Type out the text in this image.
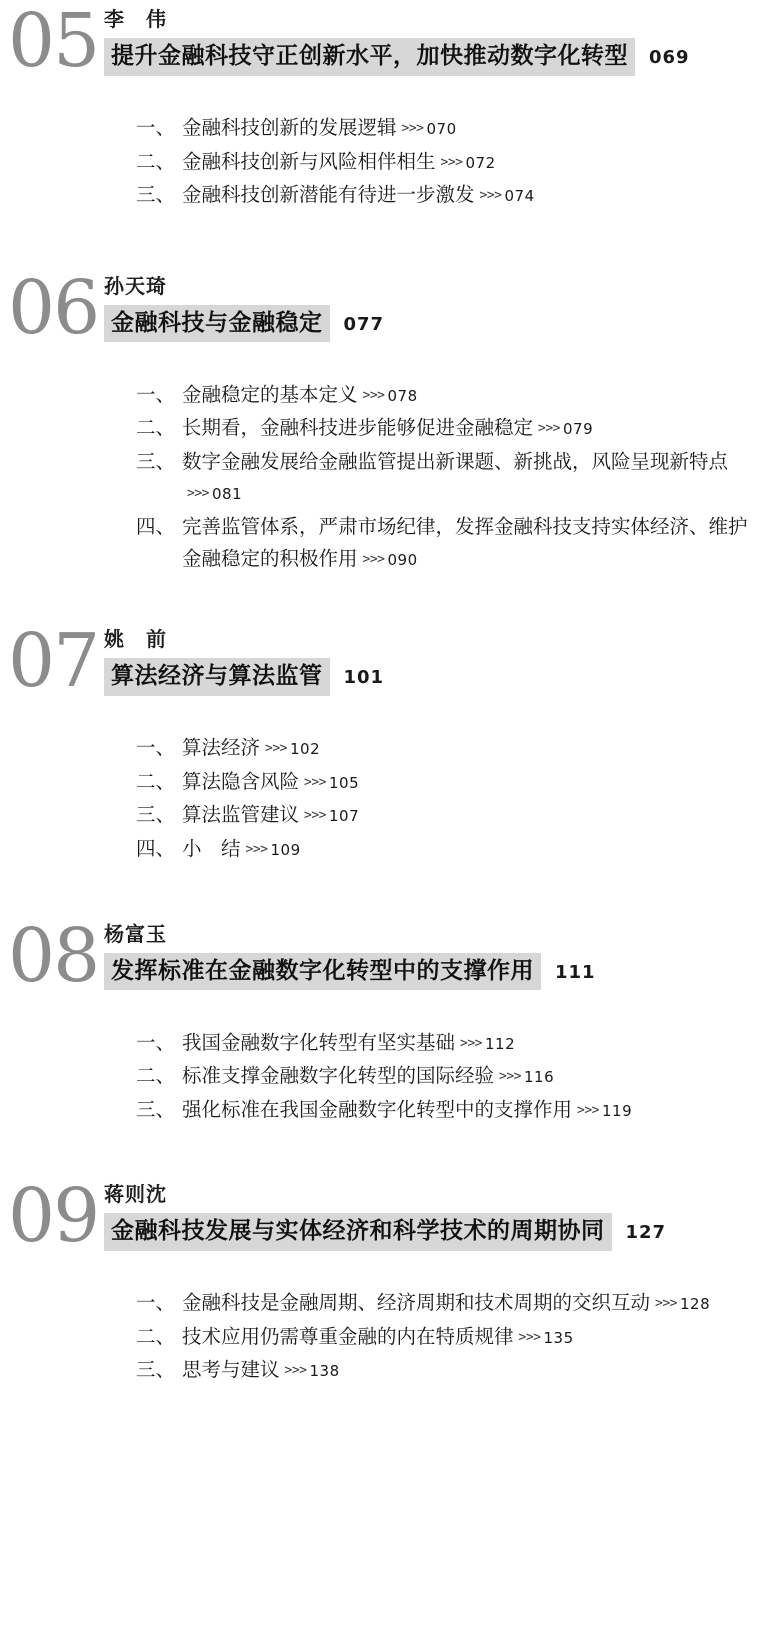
05 李　伟
提升金融科技守正创新水平，加快推动数字化转型	069
一、 金融科技创新的发展逻辑 >>> 070
二、 金融科技创新与风险相伴相生 >>> 072
三、 金融科技创新潜能有待进一步激发 >>> 074
06 孙天琦
金融科技与金融稳定	077
一、 金融稳定的基本定义 >>> 078
二、 长期看，金融科技进步能够促进金融稳定 >>> 079
三、 数字金融发展给金融监管提出新课题、新挑战，风险呈现新特点>>> 081
四、 完善监管体系，严肃市场纪律，发挥金融科技支持实体经济、维护金融稳定的积极作用 >>> 090
07 姚　前
算法经济与算法监管	101
一、 算法经济 >>> 102
二、 算法隐含风险 >>> 105
三、 算法监管建议 >>> 107
四、 小　结 >>> 109
08 杨富玉
发挥标准在金融数字化转型中的支撑作用	111
一、 我国金融数字化转型有坚实基础 >>> 112
二、 标准支撑金融数字化转型的国际经验 >>> 116
三、 强化标准在我国金融数字化转型中的支撑作用 >>> 119
09 蒋则沈
金融科技发展与实体经济和科学技术的周期协同	127
一、 金融科技是金融周期、经济周期和技术周期的交织互动 >>> 128
二、 技术应用仍需尊重金融的内在特质规律 >>> 135
三、 思考与建议 >>> 138
